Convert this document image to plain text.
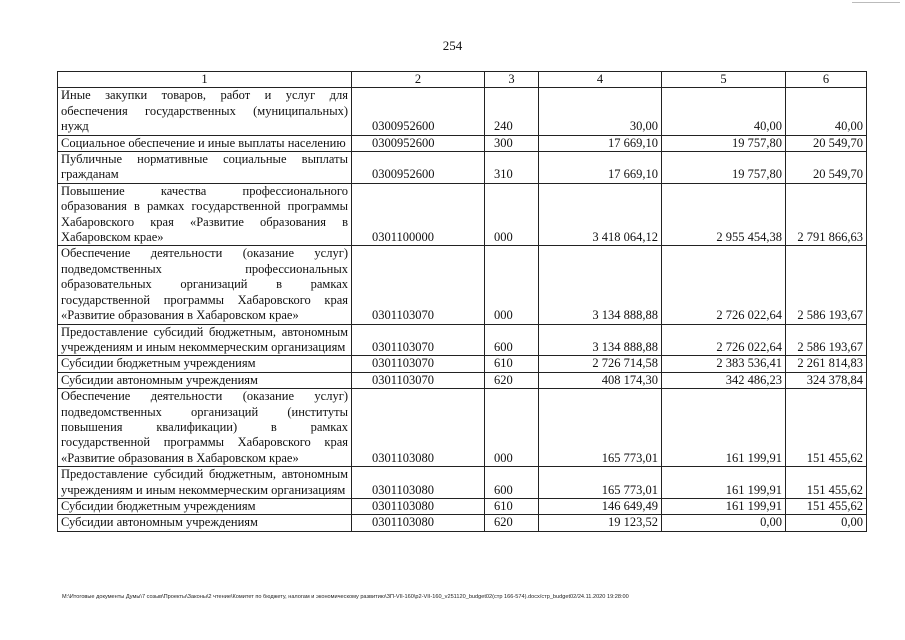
254
1	2	3	4	5	6
Иные закупки товаров, работ и услуг для обеспечения государственных (муниципальных) нужд	0300952600	240	30,00	40,00	40,00
Социальное обеспечение и иные выплаты населению	0300952600	300	17 669,10	19 757,80	20 549,70
Публичные нормативные социальные выплаты гражданам	0300952600	310	17 669,10	19 757,80	20 549,70
Повышение качества профессионального образования в рамках государственной программы Хабаровского края «Развитие образования в Хабаровском крае»	0301100000	000	3 418 064,12	2 955 454,38	2 791 866,63
Обеспечение деятельности (оказание услуг) подведомственных профессиональных образовательных организаций в рамках государственной программы Хабаровского края «Развитие образования в Хабаровском крае»	0301103070	000	3 134 888,88	2 726 022,64	2 586 193,67
Предоставление субсидий бюджетным, автономным учреждениям и иным некоммерческим организациям	0301103070	600	3 134 888,88	2 726 022,64	2 586 193,67
Субсидии бюджетным учреждениям	0301103070	610	2 726 714,58	2 383 536,41	2 261 814,83
Субсидии автономным учреждениям	0301103070	620	408 174,30	342 486,23	324 378,84
Обеспечение деятельности (оказание услуг) подведомственных организаций (институты повышения квалификации) в рамках государственной программы Хабаровского края «Развитие образования в Хабаровском крае»	0301103080	000	165 773,01	161 199,91	151 455,62
Предоставление субсидий бюджетным, автономным учреждениям и иным некоммерческим организациям	0301103080	600	165 773,01	161 199,91	151 455,62
Субсидии бюджетным учреждениям	0301103080	610	146 649,49	161 199,91	151 455,62
Субсидии автономным учреждениям	0301103080	620	19 123,52	0,00	0,00
M:\Итоговые документы Думы\7 созыв\Проекты\Законы\2 чтение\Комитет по бюджету, налогам и экономическому развитию\ЗП-VII-160\р2-VII-160_v251120_budget02(стр 166-574).docx/стр_budget02/24.11.2020 19:28:00
